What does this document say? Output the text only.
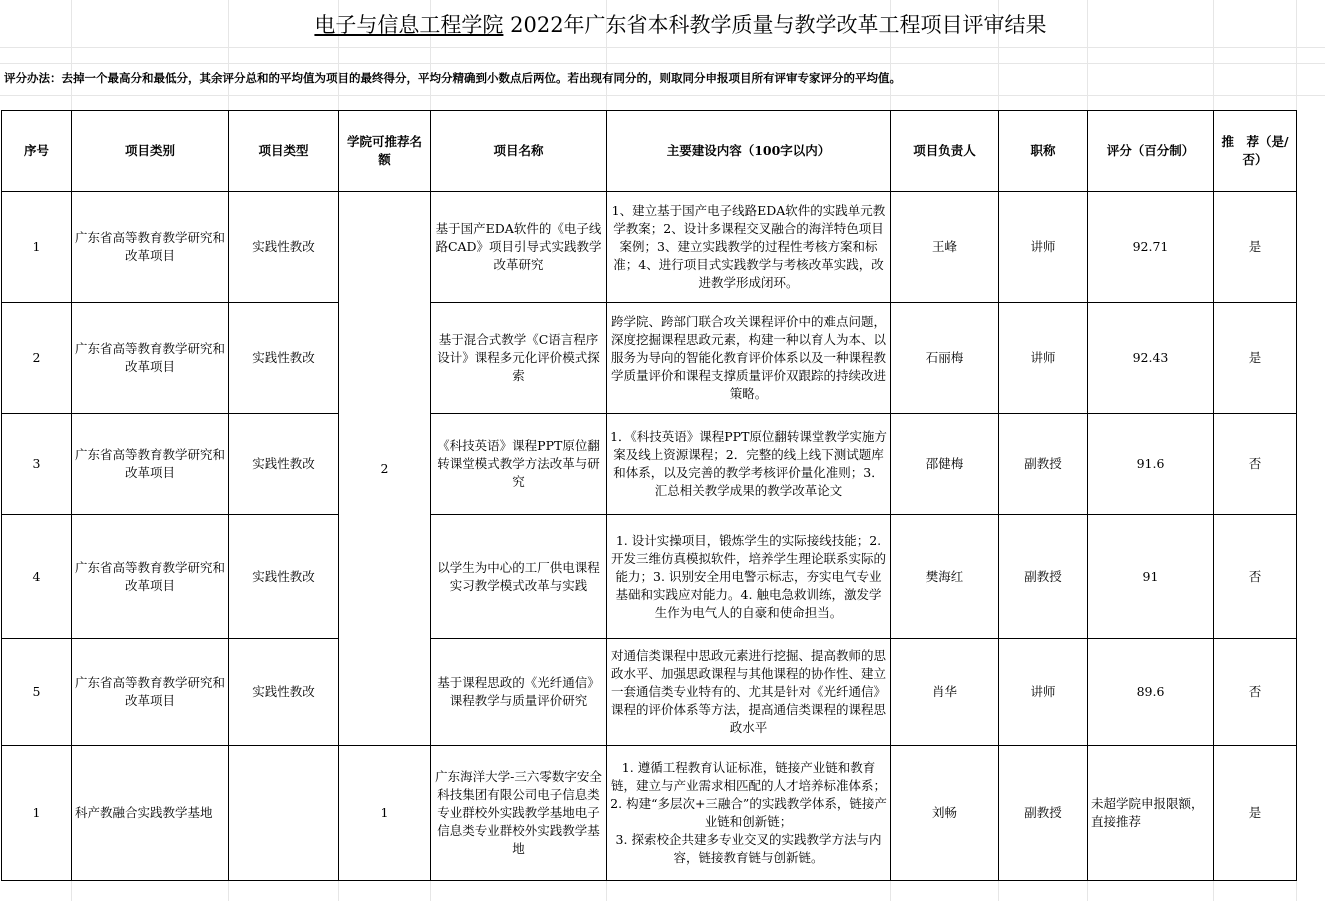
电子与信息工程学院 2022年广东省本科教学质量与教学改革工程项目评审结果
评分办法：去掉一个最高分和最低分，其余评分总和的平均值为项目的最终得分，平均分精确到小数点后两位。若出现有同分的，则取同分申报项目所有评审专家评分的平均值。
序号	项目类别	项目类型	学院可推荐名额	项目名称	主要建设内容（100字以内）	项目负责人	职称	评分（百分制）	推　荐（是/否）
1	广东省高等教育教学研究和改革项目	实践性教改	2	基于国产EDA软件的《电子线路CAD》项目引导式实践教学改革研究	1、建立基于国产电子线路EDA软件的实践单元教学教案；2、设计多课程交叉融合的海洋特色项目案例；3、建立实践教学的过程性考核方案和标准；4、进行项目式实践教学与考核改革实践，改进教学形成闭环。	王峰	讲师	92.71	是
2	广东省高等教育教学研究和改革项目	实践性教改		基于混合式教学《C语言程序设计》课程多元化评价模式探索	跨学院、跨部门联合攻关课程评价中的难点问题，深度挖掘课程思政元素，构建一种以育人为本、以服务为导向的智能化教育评价体系以及一种课程教学质量评价和课程支撑质量评价双跟踪的持续改进策略。	石丽梅	讲师	92.43	是
3	广东省高等教育教学研究和改革项目	实践性教改		《科技英语》课程PPT原位翻转课堂模式教学方法改革与研究	1．《科技英语》课程PPT原位翻转课堂教学实施方案及线上资源课程；2．完整的线上线下测试题库和体系，以及完善的教学考核评价量化准则；3．汇总相关教学成果的教学改革论文	邵健梅	副教授	91.6	否
4	广东省高等教育教学研究和改革项目	实践性教改		以学生为中心的工厂供电课程实习教学模式改革与实践	1. 设计实操项目，锻炼学生的实际接线技能；2. 开发三维仿真模拟软件，培养学生理论联系实际的能力；3. 识别安全用电警示标志，夯实电气专业基础和实践应对能力。4. 触电急救训练，激发学生作为电气人的自豪和使命担当。	樊海红	副教授	91	否
5	广东省高等教育教学研究和改革项目	实践性教改		基于课程思政的《光纤通信》课程教学与质量评价研究	对通信类课程中思政元素进行挖掘、提高教师的思政水平、加强思政课程与其他课程的协作性、建立一套通信类专业特有的、尤其是针对《光纤通信》课程的评价体系等方法，提高通信类课程的课程思政水平	肖华	讲师	89.6	否
1	科产教融合实践教学基地		1	广东海洋大学-三六零数字安全科技集团有限公司电子信息类专业群校外实践教学基地电子信息类专业群校外实践教学基地	1. 遵循工程教育认证标准，链接产业链和教育链，建立与产业需求相匹配的人才培养标准体系；
2. 构建“多层次+三融合”的实践教学体系，链接产业链和创新链；
3. 探索校企共建多专业交叉的实践教学方法与内容，链接教育链与创新链。	刘畅	副教授	未超学院申报限额，直接推荐	是
